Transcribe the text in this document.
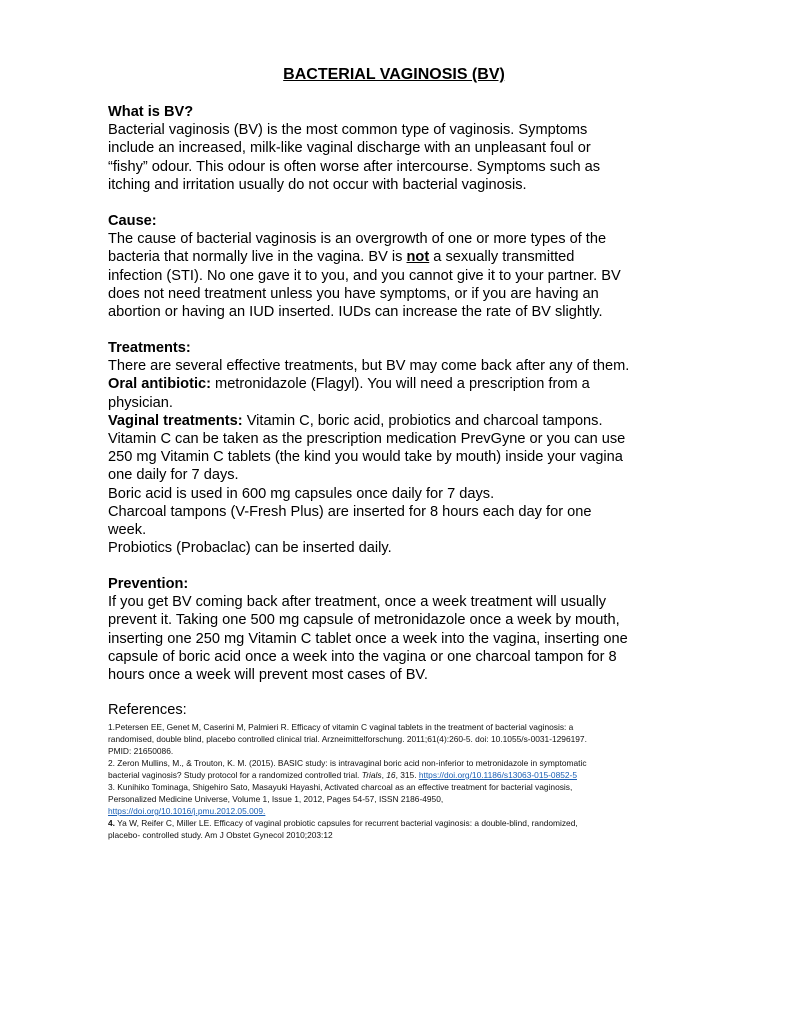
BACTERIAL VAGINOSIS (BV)

What is BV?

Bacterial vaginosis (BV) is the most common type of vaginosis. Symptoms

include an increased, milk-like vaginal discharge with an unpleasant foul or

“fishy” odour. This odour is often worse after intercourse. Symptoms such as

itching and irritation usually do not occur with bacterial vaginosis.

Cause:

The cause of bacterial vaginosis is an overgrowth of one or more types of the

bacteria that normally live in the vagina. BV is not a sexually transmitted

infection (STI). No one gave it to you, and you cannot give it to your partner. BV

does not need treatment unless you have symptoms, or if you are having an

abortion or having an IUD inserted. IUDs can increase the rate of BV slightly.

Treatments:

There are several effective treatments, but BV may come back after any of them.

Oral antibiotic: metronidazole (Flagyl). You will need a prescription from a

physician.

Vaginal treatments: Vitamin C, boric acid, probiotics and charcoal tampons.

Vitamin C can be taken as the prescription medication PrevGyne or you can use

250 mg Vitamin C tablets (the kind you would take by mouth) inside your vagina

one daily for 7 days.

Boric acid is used in 600 mg capsules once daily for 7 days.

Charcoal tampons (V-Fresh Plus) are inserted for 8 hours each day for one

week.

Probiotics (Probaclac) can be inserted daily.

Prevention:

If you get BV coming back after treatment, once a week treatment will usually

prevent it. Taking one 500 mg capsule of metronidazole once a week by mouth,

inserting one 250 mg Vitamin C tablet once a week into the vagina, inserting one

capsule of boric acid once a week into the vagina or one charcoal tampon for 8

hours once a week will prevent most cases of BV.

References:

1.Petersen EE, Genet M, Caserini M, Palmieri R. Efficacy of vitamin C vaginal tablets in the treatment of bacterial vaginosis: a

randomised, double blind, placebo controlled clinical trial. Arzneimittelforschung. 2011;61(4):260-5. doi: 10.1055/s-0031-1296197.

PMID: 21650086.

2. Zeron Mullins, M., & Trouton, K. M. (2015). BASIC study: is intravaginal boric acid non-inferior to metronidazole in symptomatic

bacterial vaginosis? Study protocol for a randomized controlled trial. Trials, 16, 315. https://doi.org/10.1186/s13063-015-0852-5

3. Kunihiko Tominaga, Shigehiro Sato, Masayuki Hayashi, Activated charcoal as an effective treatment for bacterial vaginosis,

Personalized Medicine Universe, Volume 1, Issue 1, 2012, Pages 54-57, ISSN 2186-4950,

https://doi.org/10.1016/j.pmu.2012.05.009.

4. Ya W, Reifer C, Miller LE. Efficacy of vaginal probiotic capsules for recurrent bacterial vaginosis: a double-blind, randomized,

placebo- controlled study. Am J Obstet Gynecol 2010;203:12
